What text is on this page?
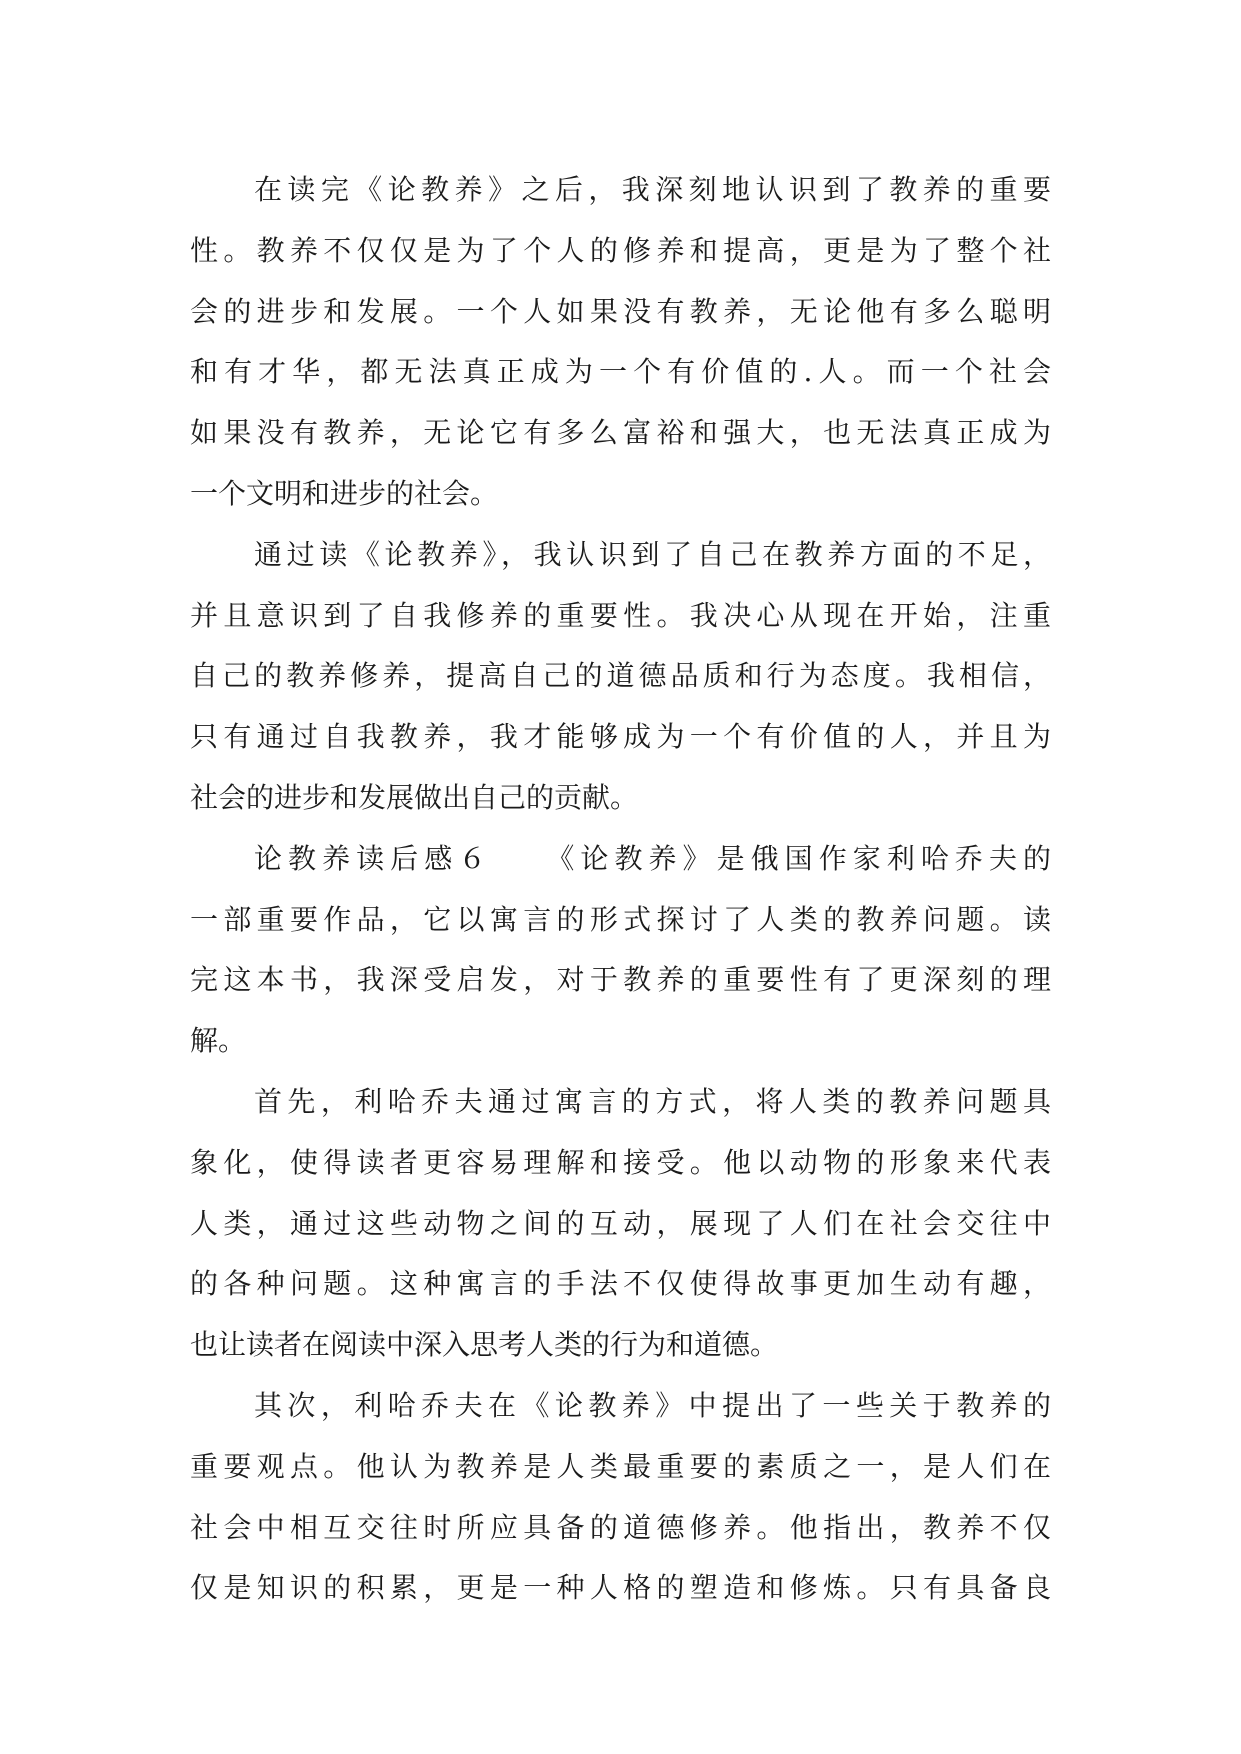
在读完《论教养》之后，我深刻地认识到了教养的重要
性。教养不仅仅是为了个人的修养和提高，更是为了整个社
会的进步和发展。一个人如果没有教养，无论他有多么聪明
和有才华，都无法真正成为一个有价值的.人。而一个社会
如果没有教养，无论它有多么富裕和强大，也无法真正成为
一个文明和进步的社会。
通过读《论教养》，我认识到了自己在教养方面的不足，
并且意识到了自我修养的重要性。我决心从现在开始，注重
自己的教养修养，提高自己的道德品质和行为态度。我相信，
只有通过自我教养，我才能够成为一个有价值的人，并且为
社会的进步和发展做出自己的贡献。
论教养读后感６　　《论教养》是俄国作家利哈乔夫的
一部重要作品，它以寓言的形式探讨了人类的教养问题。读
完这本书，我深受启发，对于教养的重要性有了更深刻的理
解。
首先，利哈乔夫通过寓言的方式，将人类的教养问题具
象化，使得读者更容易理解和接受。他以动物的形象来代表
人类，通过这些动物之间的互动，展现了人们在社会交往中
的各种问题。这种寓言的手法不仅使得故事更加生动有趣，
也让读者在阅读中深入思考人类的行为和道德。
其次，利哈乔夫在《论教养》中提出了一些关于教养的
重要观点。他认为教养是人类最重要的素质之一，是人们在
社会中相互交往时所应具备的道德修养。他指出，教养不仅
仅是知识的积累，更是一种人格的塑造和修炼。只有具备良
